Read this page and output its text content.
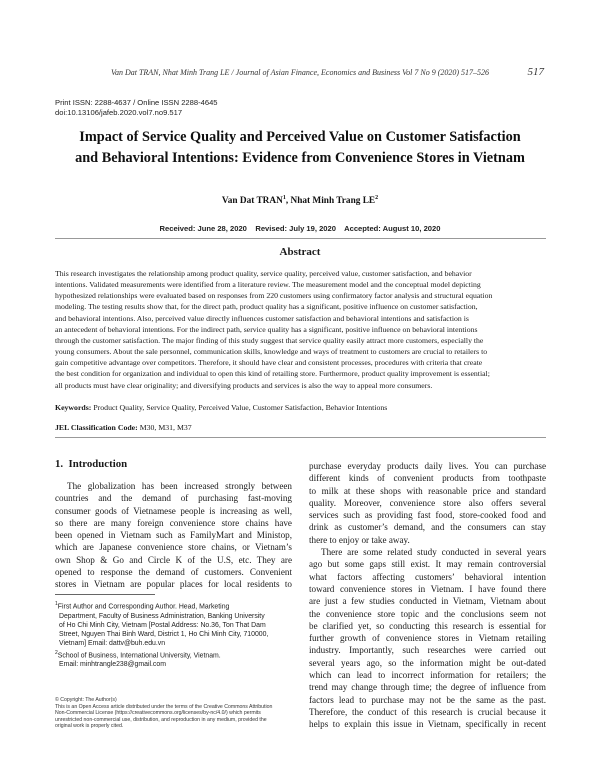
Van Dat TRAN, Nhat Minh Trang LE / Journal of Asian Finance, Economics and Business Vol 7 No 9 (2020) 517–526	517
Print ISSN: 2288-4637 / Online ISSN 2288-4645
doi:10.13106/jafeb.2020.vol7.no9.517
Impact of Service Quality and Perceived Value on Customer Satisfaction
and Behavioral Intentions: Evidence from Convenience Stores in Vietnam
Van Dat TRAN$^1$, Nhat Minh Trang $LE^2$
Received: June 28, 2020    Revised: July 19, 2020    Accepted: August 10, 2020
Abstract
This research investigates the relationship among product quality, service quality, perceived value, customer satisfaction, and behavior
intentions. Validated measurements were identified from a literature review. The measurement model and the conceptual model depicting
hypothesized relationships were evaluated based on responses from 220 customers using confirmatory factor analysis and structural equation
modeling. The testing results show that, for the direct path, product quality has a significant, positive influence on customer satisfaction,
and behavioral intentions. Also, perceived value directly influences customer satisfaction and behavioral intentions and satisfaction is
an antecedent of behavioral intentions. For the indirect path, service quality has a significant, positive influence on behavioral intentions
through the customer satisfaction. The major finding of this study suggest that service quality easily attract more customers, especially the
young consumers. About the sale personnel, communication skills, knowledge and ways of treatment to customers are crucial to retailers to
gain competitive advantage over competitors. Therefore, it should have clear and consistent processes, procedures with criteria that create
the best condition for organization and individual to open this kind of retailing store. Furthermore, product quality improvement is essential;
all products must have clear originality; and diversifying products and services is also the way to appeal more consumers.
Keywords: Product Quality, Service Quality, Perceived Value, Customer Satisfaction, Behavior Intentions
JEL Classification Code: M30, M31, M37
1.  Introduction
The globalization has been increased strongly between
countries and the demand of purchasing fast-moving
consumer goods of Vietnamese people is increasing as well,
so there are many foreign convenience store chains have
been opened in Vietnam such as FamilyMart and Ministop,
which are Japanese convenience store chains, or Vietnam’s
own Shop & Go and Circle K of the U.S, etc. They are
opened to response the demand of customers. Convenient
stores in Vietnam are popular places for local residents to
$^1$First Author and Corresponding Author. Head, Marketing
Department, Faculty of Business Administration, Banking University
of Ho Chi Minh City, Vietnam [Postal Address: No.36, Ton That Dam
Street, Nguyen Thai Binh Ward, District 1, Ho Chi Minh City, 710000,
Vietnam] Email: dattv@buh.edu.vn
$^2$School of Business, International University, Vietnam.
Email: minhtrangle238@gmail.com
© Copyright: The Author(s)
This is an Open Access article distributed under the terms of the Creative Commons Attribution
Non-Commercial License (https://creativecommons.org/licenses/by-nc/4.0/) which permits
unrestricted non-commercial use, distribution, and reproduction in any medium, provided the
original work is properly cited.
purchase everyday products daily lives. You can purchase
different kinds of convenient products from toothpaste
to milk at these shops with reasonable price and standard
quality. Moreover, convenience store also offers several
services such as providing fast food, store-cooked food and
drink as customer’s demand, and the consumers can stay
there to enjoy or take away.
There are some related study conducted in several years
ago but some gaps still exist. It may remain controversial
what factors affecting customers’ behavioral intention
toward convenience stores in Vietnam. I have found there
are just a few studies conducted in Vietnam, Vietnam about
the convenience store topic and the conclusions seem not
be clarified yet, so conducting this research is essential for
further growth of convenience stores in Vietnam retailing
industry. Importantly, such researches were carried out
several years ago, so the information might be out-dated
which can lead to incorrect information for retailers; the
trend may change through time; the degree of influence from
factors lead to purchase may not be the same as the past.
Therefore, the conduct of this research is crucial because it
helps to explain this issue in Vietnam, specifically in recent
